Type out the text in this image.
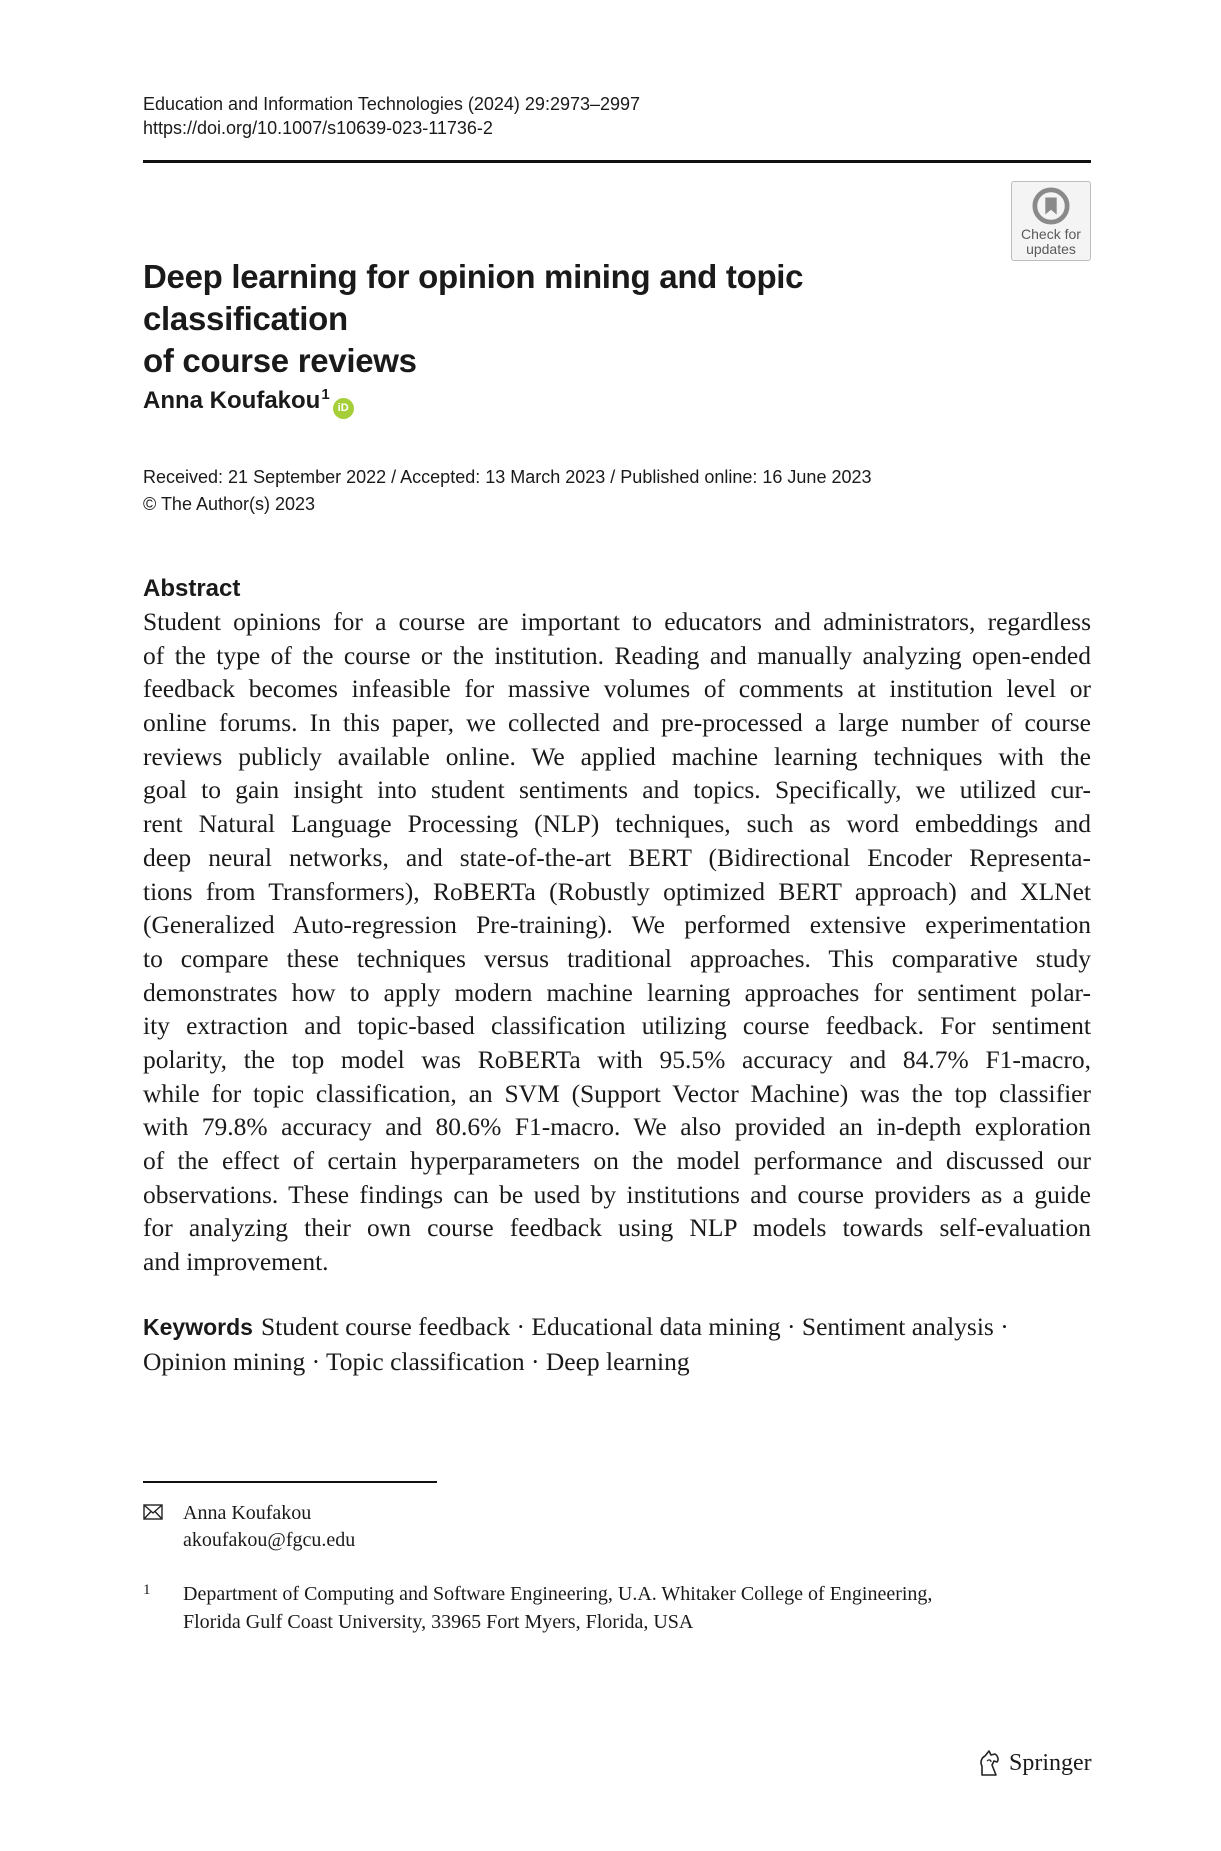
Education and Information Technologies (2024) 29:2973–2997
https://doi.org/10.1007/s10639-023-11736-2
Check for
updates
Deep learning for opinion mining and topic classification
of course reviews
Anna Koufakou$^1$iD
Received: 21 September 2022 / Accepted: 13 March 2023 / Published online: 16 June 2023
© The Author(s) 2023
Abstract
Student opinions for a course are important to educators and administrators, regardless
of the type of the course or the institution. Reading and manually analyzing open-ended
feedback becomes infeasible for massive volumes of comments at institution level or
online forums. In this paper, we collected and pre-processed a large number of course
reviews publicly available online. We applied machine learning techniques with the
goal to gain insight into student sentiments and topics. Specifically, we utilized cur-
rent Natural Language Processing (NLP) techniques, such as word embeddings and
deep neural networks, and state-of-the-art BERT (Bidirectional Encoder Representa-
tions from Transformers), RoBERTa (Robustly optimized BERT approach) and XLNet
(Generalized Auto-regression Pre-training). We performed extensive experimentation
to compare these techniques versus traditional approaches. This comparative study
demonstrates how to apply modern machine learning approaches for sentiment polar-
ity extraction and topic-based classification utilizing course feedback. For sentiment
polarity, the top model was RoBERTa with 95.5% accuracy and 84.7% F1-macro,
while for topic classification, an SVM (Support Vector Machine) was the top classifier
with 79.8% accuracy and 80.6% F1-macro. We also provided an in-depth exploration
of the effect of certain hyperparameters on the model performance and discussed our
observations. These findings can be used by institutions and course providers as a guide
for analyzing their own course feedback using NLP models towards self-evaluation
and improvement.
Keywords Student course feedback · Educational data mining · Sentiment analysis ·
Opinion mining · Topic classification · Deep learning
Anna Koufakou
akoufakou@fgcu.edu
1 Department of Computing and Software Engineering, U.A. Whitaker College of Engineering,
Florida Gulf Coast University, 33965 Fort Myers, Florida, USA
Springer
